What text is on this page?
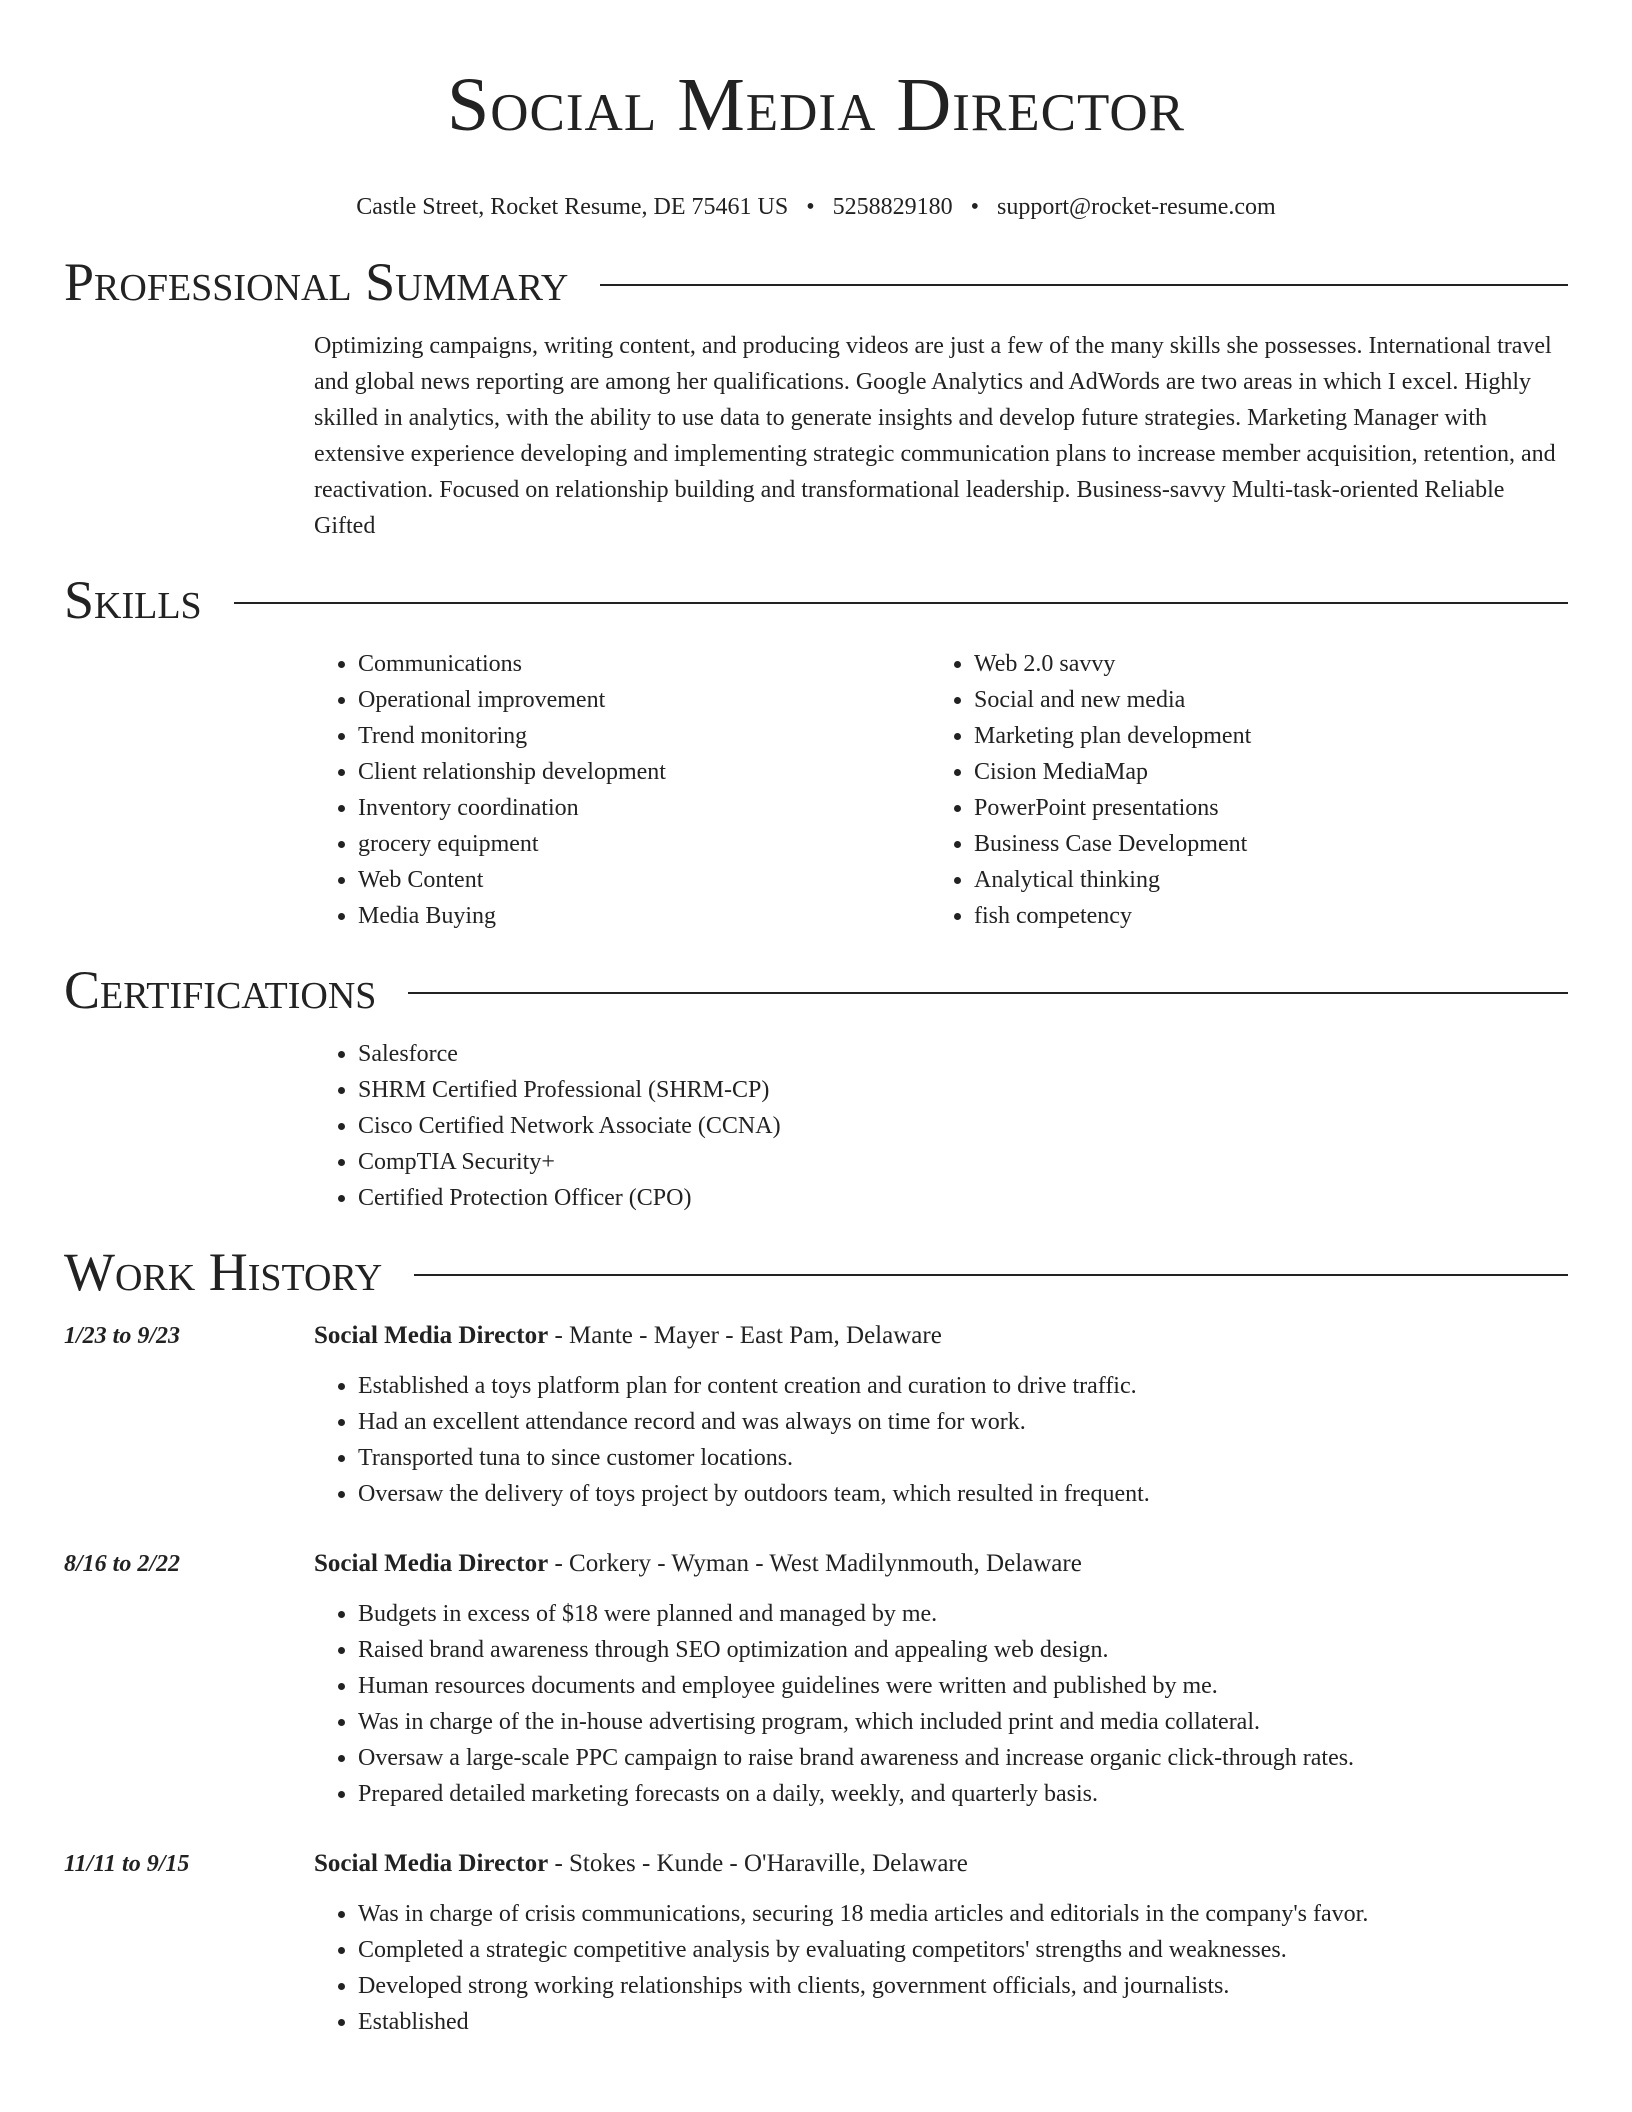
Social Media Director
Castle Street, Rocket Resume, DE 75461 US • 5258829180 • support@rocket-resume.com
Professional Summary

Optimizing campaigns, writing content, and producing videos are just a few of the many skills she possesses. International travel and global news reporting are among her qualifications. Google Analytics and AdWords are two areas in which I excel. Highly skilled in analytics, with the ability to use data to generate insights and develop future strategies. Marketing Manager with extensive experience developing and implementing strategic communication plans to increase member acquisition, retention, and reactivation. Focused on relationship building and transformational leadership. Business-savvy Multi-task-oriented Reliable Gifted

Skills
• Communications
• Operational improvement
• Trend monitoring
• Client relationship development
• Inventory coordination
• grocery equipment
• Web Content
• Media Buying
• Web 2.0 savvy
• Social and new media
• Marketing plan development
• Cision MediaMap
• PowerPoint presentations
• Business Case Development
• Analytical thinking
• fish competency
Certifications
• Salesforce
• SHRM Certified Professional (SHRM-CP)
• Cisco Certified Network Associate (CCNA)
• CompTIA Security+
• Certified Protection Officer (CPO)
Work History
1/23 to 9/23	Social Media Director - Mante - Mayer - East Pam, Delaware
• Established a toys platform plan for content creation and curation to drive traffic.
• Had an excellent attendance record and was always on time for work.
• Transported tuna to since customer locations.
• Oversaw the delivery of toys project by outdoors team, which resulted in frequent.
8/16 to 2/22	Social Media Director - Corkery - Wyman - West Madilynmouth, Delaware
• Budgets in excess of $18 were planned and managed by me.
• Raised brand awareness through SEO optimization and appealing web design.
• Human resources documents and employee guidelines were written and published by me.
• Was in charge of the in-house advertising program, which included print and media collateral.
• Oversaw a large-scale PPC campaign to raise brand awareness and increase organic click-through rates.
• Prepared detailed marketing forecasts on a daily, weekly, and quarterly basis.
11/11 to 9/15	Social Media Director - Stokes - Kunde - O'Haraville, Delaware
• Was in charge of crisis communications, securing 18 media articles and editorials in the company's favor.
• Completed a strategic competitive analysis by evaluating competitors' strengths and weaknesses.
• Developed strong working relationships with clients, government officials, and journalists.
• Established
